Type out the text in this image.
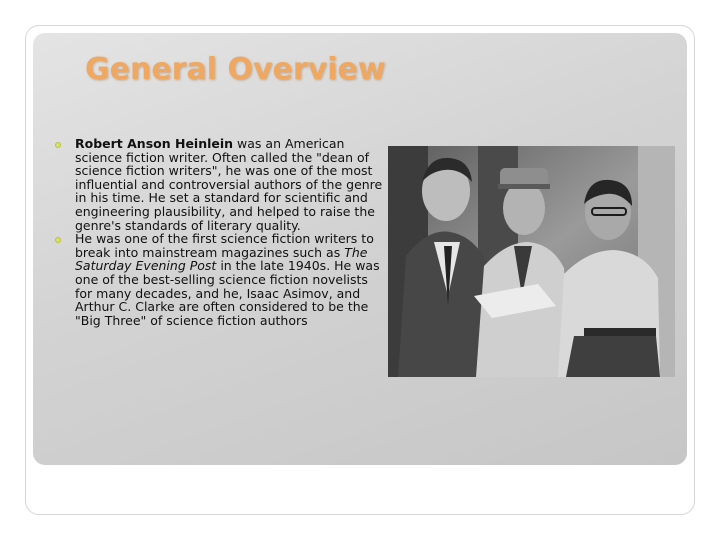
General Overview
Robert Anson Heinlein was an American science fiction writer. Often called the "dean of science fiction writers", he was one of the most influential and controversial authors of the genre in his time. He set a standard for scientific and engineering plausibility, and helped to raise the genre's standards of literary quality.
He was one of the first science fiction writers to break into mainstream magazines such as The Saturday Evening Post in the late 1940s. He was one of the best-selling science fiction novelists for many decades, and he, Isaac Asimov, and Arthur C. Clarke are often considered to be the "Big Three" of science fiction authors
